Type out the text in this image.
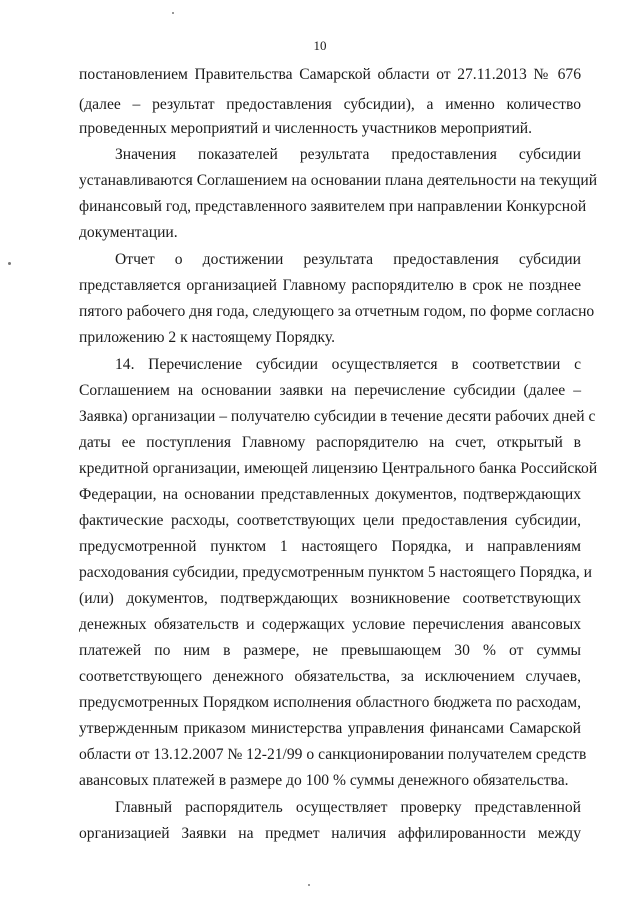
10
постановлением Правительства Самарской области от 27.11.2013 № 676
(далее – результат предоставления субсидии), а именно количество
проведенных мероприятий и численность участников мероприятий.
Значения показателей результата предоставления субсидии
устанавливаются Соглашением на основании плана деятельности на текущий
финансовый год, представленного заявителем при направлении Конкурсной
документации.
Отчет о достижении результата предоставления субсидии
представляется организацией Главному распорядителю в срок не позднее
пятого рабочего дня года, следующего за отчетным годом, по форме согласно
приложению 2 к настоящему Порядку.
14. Перечисление субсидии осуществляется в соответствии с
Соглашением на основании заявки на перечисление субсидии (далее –
Заявка) организации – получателю субсидии в течение десяти рабочих дней с
даты ее поступления Главному распорядителю на счет, открытый в
кредитной организации, имеющей лицензию Центрального банка Российской
Федерации, на основании представленных документов, подтверждающих
фактические расходы, соответствующих цели предоставления субсидии,
предусмотренной пунктом 1 настоящего Порядка, и направлениям
расходования субсидии, предусмотренным пунктом 5 настоящего Порядка, и
(или) документов, подтверждающих возникновение соответствующих
денежных обязательств и содержащих условие перечисления авансовых
платежей по ним в размере, не превышающем 30 % от суммы
соответствующего денежного обязательства, за исключением случаев,
предусмотренных Порядком исполнения областного бюджета по расходам,
утвержденным приказом министерства управления финансами Самарской
области от 13.12.2007 № 12-21/99 о санкционировании получателем средств
авансовых платежей в размере до 100 % суммы денежного обязательства.
Главный распорядитель осуществляет проверку представленной
организацией Заявки на предмет наличия аффилированности между
